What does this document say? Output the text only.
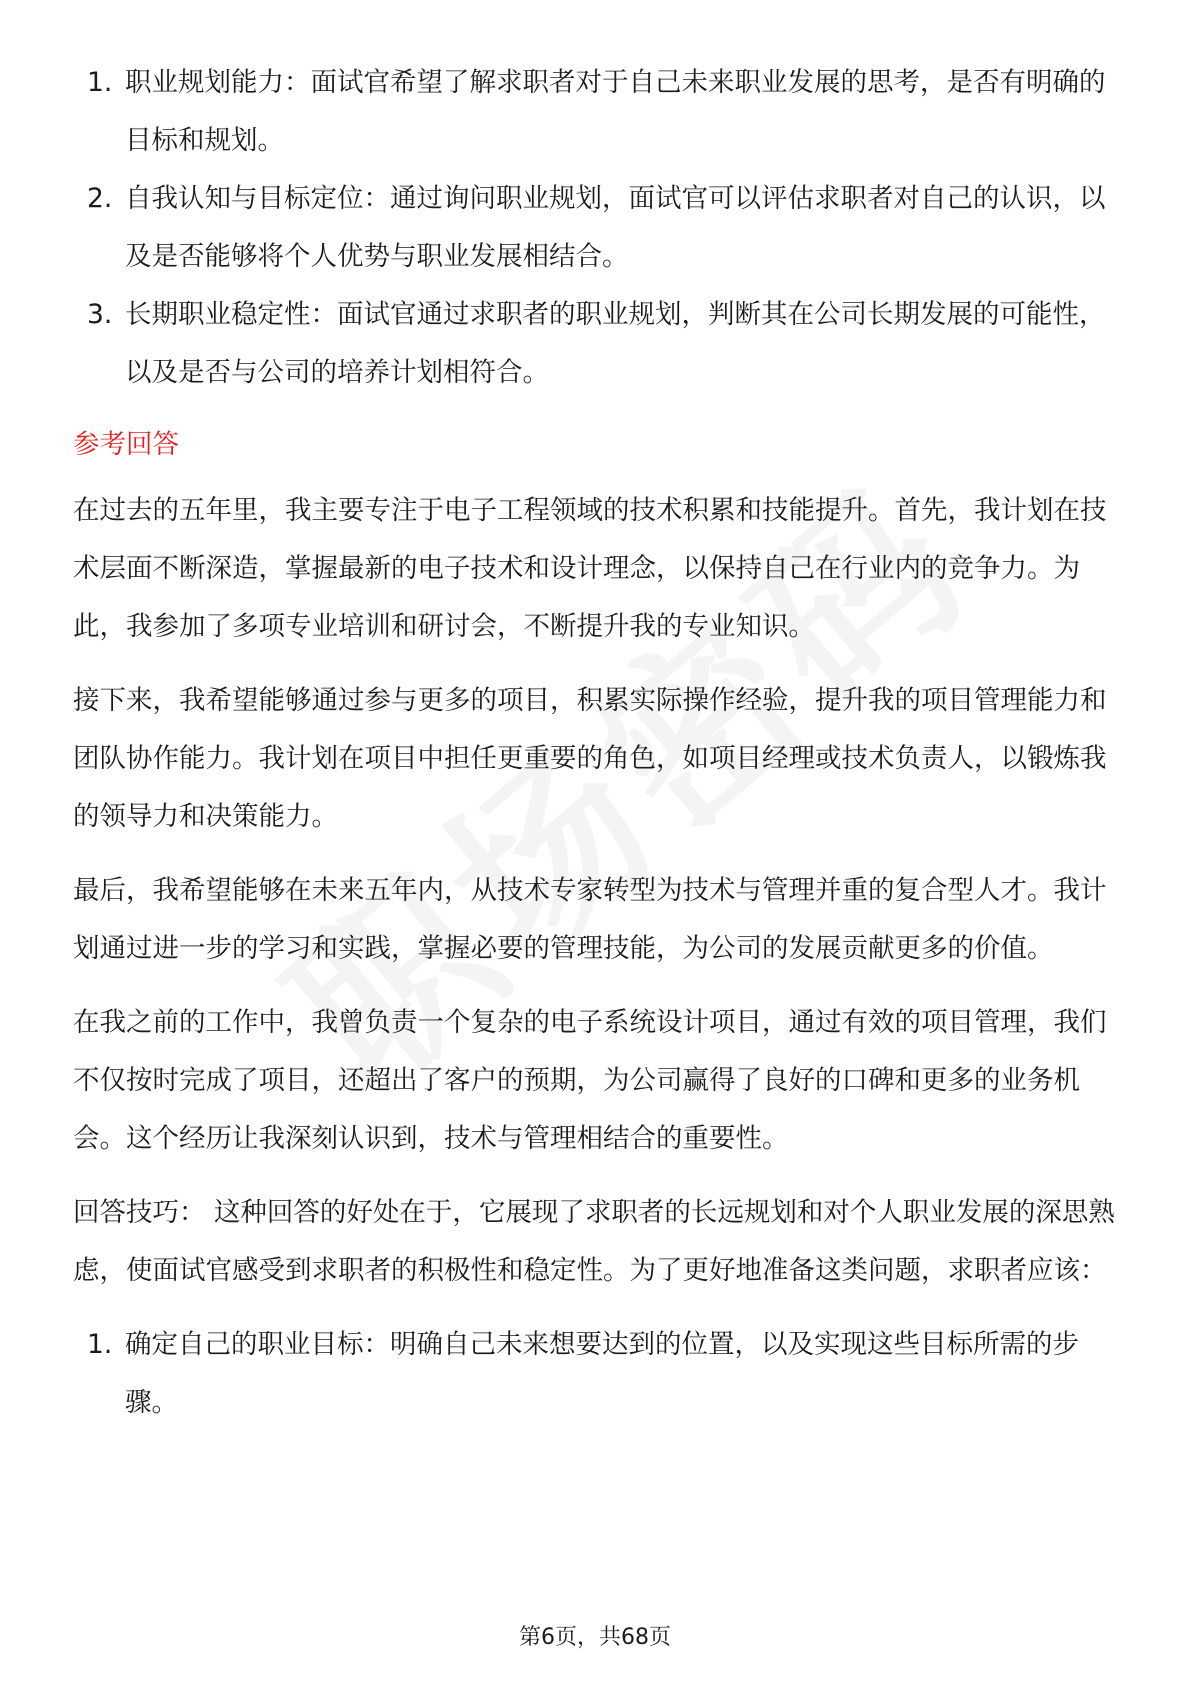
1. 职业规划能力：面试官希望了解求职者对于自己未来职业发展的思考，是否有明确的目标和规划。
2. 自我认知与目标定位：通过询问职业规划，面试官可以评估求职者对自己的认识，以及是否能够将个人优势与职业发展相结合。
3. 长期职业稳定性：面试官通过求职者的职业规划，判断其在公司长期发展的可能性，以及是否与公司的培养计划相符合。
参考回答

在过去的五年里，我主要专注于电子工程领域的技术积累和技能提升。首先，我计划在技术层面不断深造，掌握最新的电子技术和设计理念，以保持自己在行业内的竞争力。为此，我参加了多项专业培训和研讨会，不断提升我的专业知识。

接下来，我希望能够通过参与更多的项目，积累实际操作经验，提升我的项目管理能力和团队协作能力。我计划在项目中担任更重要的角色，如项目经理或技术负责人，以锻炼我的领导力和决策能力。

最后，我希望能够在未来五年内，从技术专家转型为技术与管理并重的复合型人才。我计划通过进一步的学习和实践，掌握必要的管理技能，为公司的发展贡献更多的价值。

在我之前的工作中，我曾负责一个复杂的电子系统设计项目，通过有效的项目管理，我们不仅按时完成了项目，还超出了客户的预期，为公司赢得了良好的口碑和更多的业务机会。这个经历让我深刻认识到，技术与管理相结合的重要性。

回答技巧： 这种回答的好处在于，它展现了求职者的长远规划和对个人职业发展的深思熟虑，使面试官感受到求职者的积极性和稳定性。为了更好地准备这类问题，求职者应该：

1. 确定自己的职业目标：明确自己未来想要达到的位置，以及实现这些目标所需的步骤。
第6页，共68页
